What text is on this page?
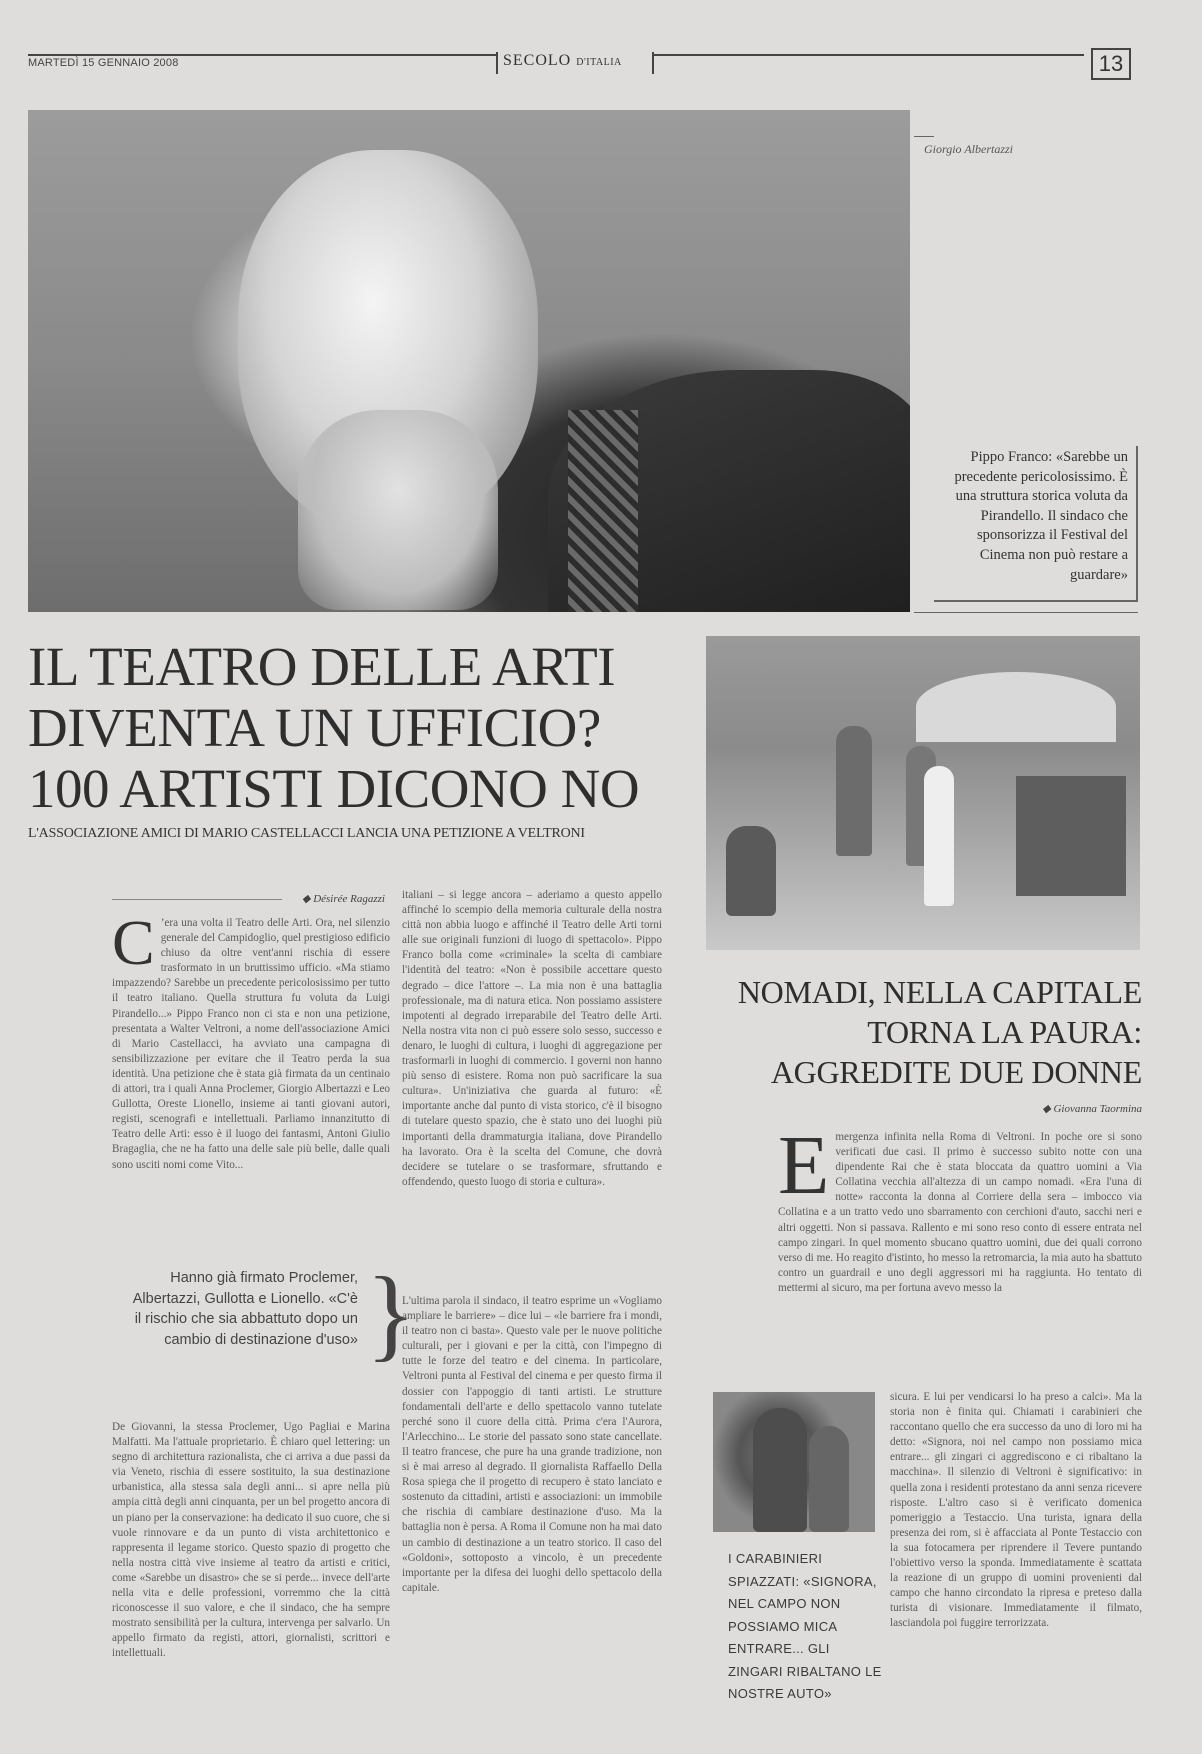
MARTEDÌ 15 GENNAIO 2008	SECOLO D'ITALIA	13
Giorgio Albertazzi
Pippo Franco: «Sarebbe un precedente pericolosissimo. È una struttura storica voluta da Pirandello. Il sindaco che sponsorizza il Festival del Cinema non può restare a guardare»
IL TEATRO DELLE ARTI DIVENTA UN UFFICIO? 100 ARTISTI DICONO NO
L'ASSOCIAZIONE AMICI DI MARIO CASTELLACCI LANCIA UNA PETIZIONE A VELTRONI
◆ Désirée Ragazzi
C ’era una volta il Teatro delle Arti. Ora, nel silenzio generale del Campidoglio, quel prestigioso edificio chiuso da oltre vent'anni rischia di essere trasformato in un bruttissimo ufficio. «Ma stiamo impazzendo? Sarebbe un precedente pericolosissimo per tutto il teatro italiano. Quella struttura fu voluta da Luigi Pirandello...» Pippo Franco non ci sta e non una petizione, presentata a Walter Veltroni, a nome dell'associazione Amici di Mario Castellacci, ha avviato una campagna di sensibilizzazione per evitare che il Teatro perda la sua identità. Una petizione che è stata già firmata da un centinaio di attori, tra i quali Anna Proclemer, Giorgio Albertazzi e Leo Gullotta, Oreste Lionello, insieme ai tanti giovani autori, registi, scenografi e intellettuali. Parliamo innanzitutto di Teatro delle Arti: esso è il luogo dei fantasmi, Antoni Giulio Bragaglia, che ne ha fatto una delle sale più belle, dalle quali sono usciti nomi come Vito...
Hanno già firmato Proclemer, Albertazzi, Gullotta e Lionello. «C'è il rischio che sia abbattuto dopo un cambio di destinazione d'uso» }
De Giovanni, la stessa Proclemer, Ugo Pagliai e Marina Malfatti. Ma l'attuale proprietario. È chiaro quel lettering: un segno di architettura razionalista, che ci arriva a due passi da via Veneto, rischia di essere sostituito, la sua destinazione urbanistica, alla stessa sala degli anni... si apre nella più ampia città degli anni cinquanta, per un bel progetto ancora di un piano per la conservazione: ha dedicato il suo cuore, che si vuole rinnovare e da un punto di vista architettonico e rappresenta il legame storico. Questo spazio di progetto che nella nostra città vive insieme al teatro da artisti e critici, come «Sarebbe un disastro» che se si perde... invece dell'arte nella vita e delle professioni, vorremmo che la città riconoscesse il suo valore, e che il sindaco, che ha sempre mostrato sensibilità per la cultura, intervenga per salvarlo. Un appello firmato da registi, attori, giornalisti, scrittori e intellettuali.
italiani – si legge ancora – aderiamo a questo appello affinché lo scempio della memoria culturale della nostra città non abbia luogo e affinché il Teatro delle Arti torni alle sue originali funzioni di luogo di spettacolo». Pippo Franco bolla come «criminale» la scelta di cambiare l'identità del teatro: «Non è possibile accettare questo degrado – dice l'attore –. La mia non è una battaglia professionale, ma di natura etica. Non possiamo assistere impotenti al degrado irreparabile del Teatro delle Arti. Nella nostra vita non ci può essere solo sesso, successo e denaro, le luoghi di cultura, i luoghi di aggregazione per trasformarli in luoghi di commercio. I governi non hanno più senso di esistere. Roma non può sacrificare la sua cultura». Un'iniziativa che guarda al futuro: «È importante anche dal punto di vista storico, c'è il bisogno di tutelare questo spazio, che è stato uno dei luoghi più importanti della drammaturgia italiana, dove Pirandello ha lavorato. Ora è la scelta del Comune, che dovrà decidere se tutelare o se trasformare, sfruttando e offendendo, questo luogo di storia e cultura».
L'ultima parola il sindaco, il teatro esprime un «Vogliamo ampliare le barriere» – dice lui – «le barriere fra i mondi, il teatro non ci basta». Questo vale per le nuove politiche culturali, per i giovani e per la città, con l'impegno di tutte le forze del teatro e del cinema. In particolare, Veltroni punta al Festival del cinema e per questo firma il dossier con l'appoggio di tanti artisti. Le strutture fondamentali dell'arte e dello spettacolo vanno tutelate perché sono il cuore della città. Prima c'era l'Aurora, l'Arlecchino... Le storie del passato sono state cancellate. Il teatro francese, che pure ha una grande tradizione, non si è mai arreso al degrado. Il giornalista Raffaello Della Rosa spiega che il progetto di recupero è stato lanciato e sostenuto da cittadini, artisti e associazioni: un immobile che rischia di cambiare destinazione d'uso. Ma la battaglia non è persa. A Roma il Comune non ha mai dato un cambio di destinazione a un teatro storico. Il caso del «Goldoni», sottoposto a vincolo, è un precedente importante per la difesa dei luoghi dello spettacolo della capitale.
NOMADI, NELLA CAPITALE TORNA LA PAURA: AGGREDITE DUE DONNE
◆ Giovanna Taormina
E mergenza infinita nella Roma di Veltroni. In poche ore si sono verificati due casi. Il primo è successo subito notte con una dipendente Rai che è stata bloccata da quattro uomini a Via Collatina vecchia all'altezza di un campo nomadi. «Era l'una di notte» racconta la donna al Corriere della sera – imbocco via Collatina e a un tratto vedo uno sbarramento con cerchioni d'auto, sacchi neri e altri oggetti. Non si passava. Rallento e mi sono reso conto di essere entrata nel campo zingari. In quel momento sbucano quattro uomini, due dei quali corrono verso di me. Ho reagito d'istinto, ho messo la retromarcia, la mia auto ha sbattuto contro un guardrail e uno degli aggressori mi ha raggiunta. Ho tentato di mettermi al sicuro, ma per fortuna avevo messo la
I CARABINIERI SPIAZZATI: «SIGNORA, NEL CAMPO NON POSSIAMO MICA ENTRARE... GLI ZINGARI RIBALTANO LE NOSTRE AUTO»
sicura. E lui per vendicarsi lo ha preso a calci». Ma la storia non è finita qui. Chiamati i carabinieri che raccontano quello che era successo da uno di loro mi ha detto: «Signora, noi nel campo non possiamo mica entrare... gli zingari ci aggrediscono e ci ribaltano la macchina». Il silenzio di Veltroni è significativo: in quella zona i residenti protestano da anni senza ricevere risposte. L'altro caso si è verificato domenica pomeriggio a Testaccio. Una turista, ignara della presenza dei rom, si è affacciata al Ponte Testaccio con la sua fotocamera per riprendere il Tevere puntando l'obiettivo verso la sponda. Immediatamente è scattata la reazione di un gruppo di uomini provenienti dal campo che hanno circondato la ripresa e preteso dalla turista di visionare. Immediatamente il filmato, lasciandola poi fuggire terrorizzata.
